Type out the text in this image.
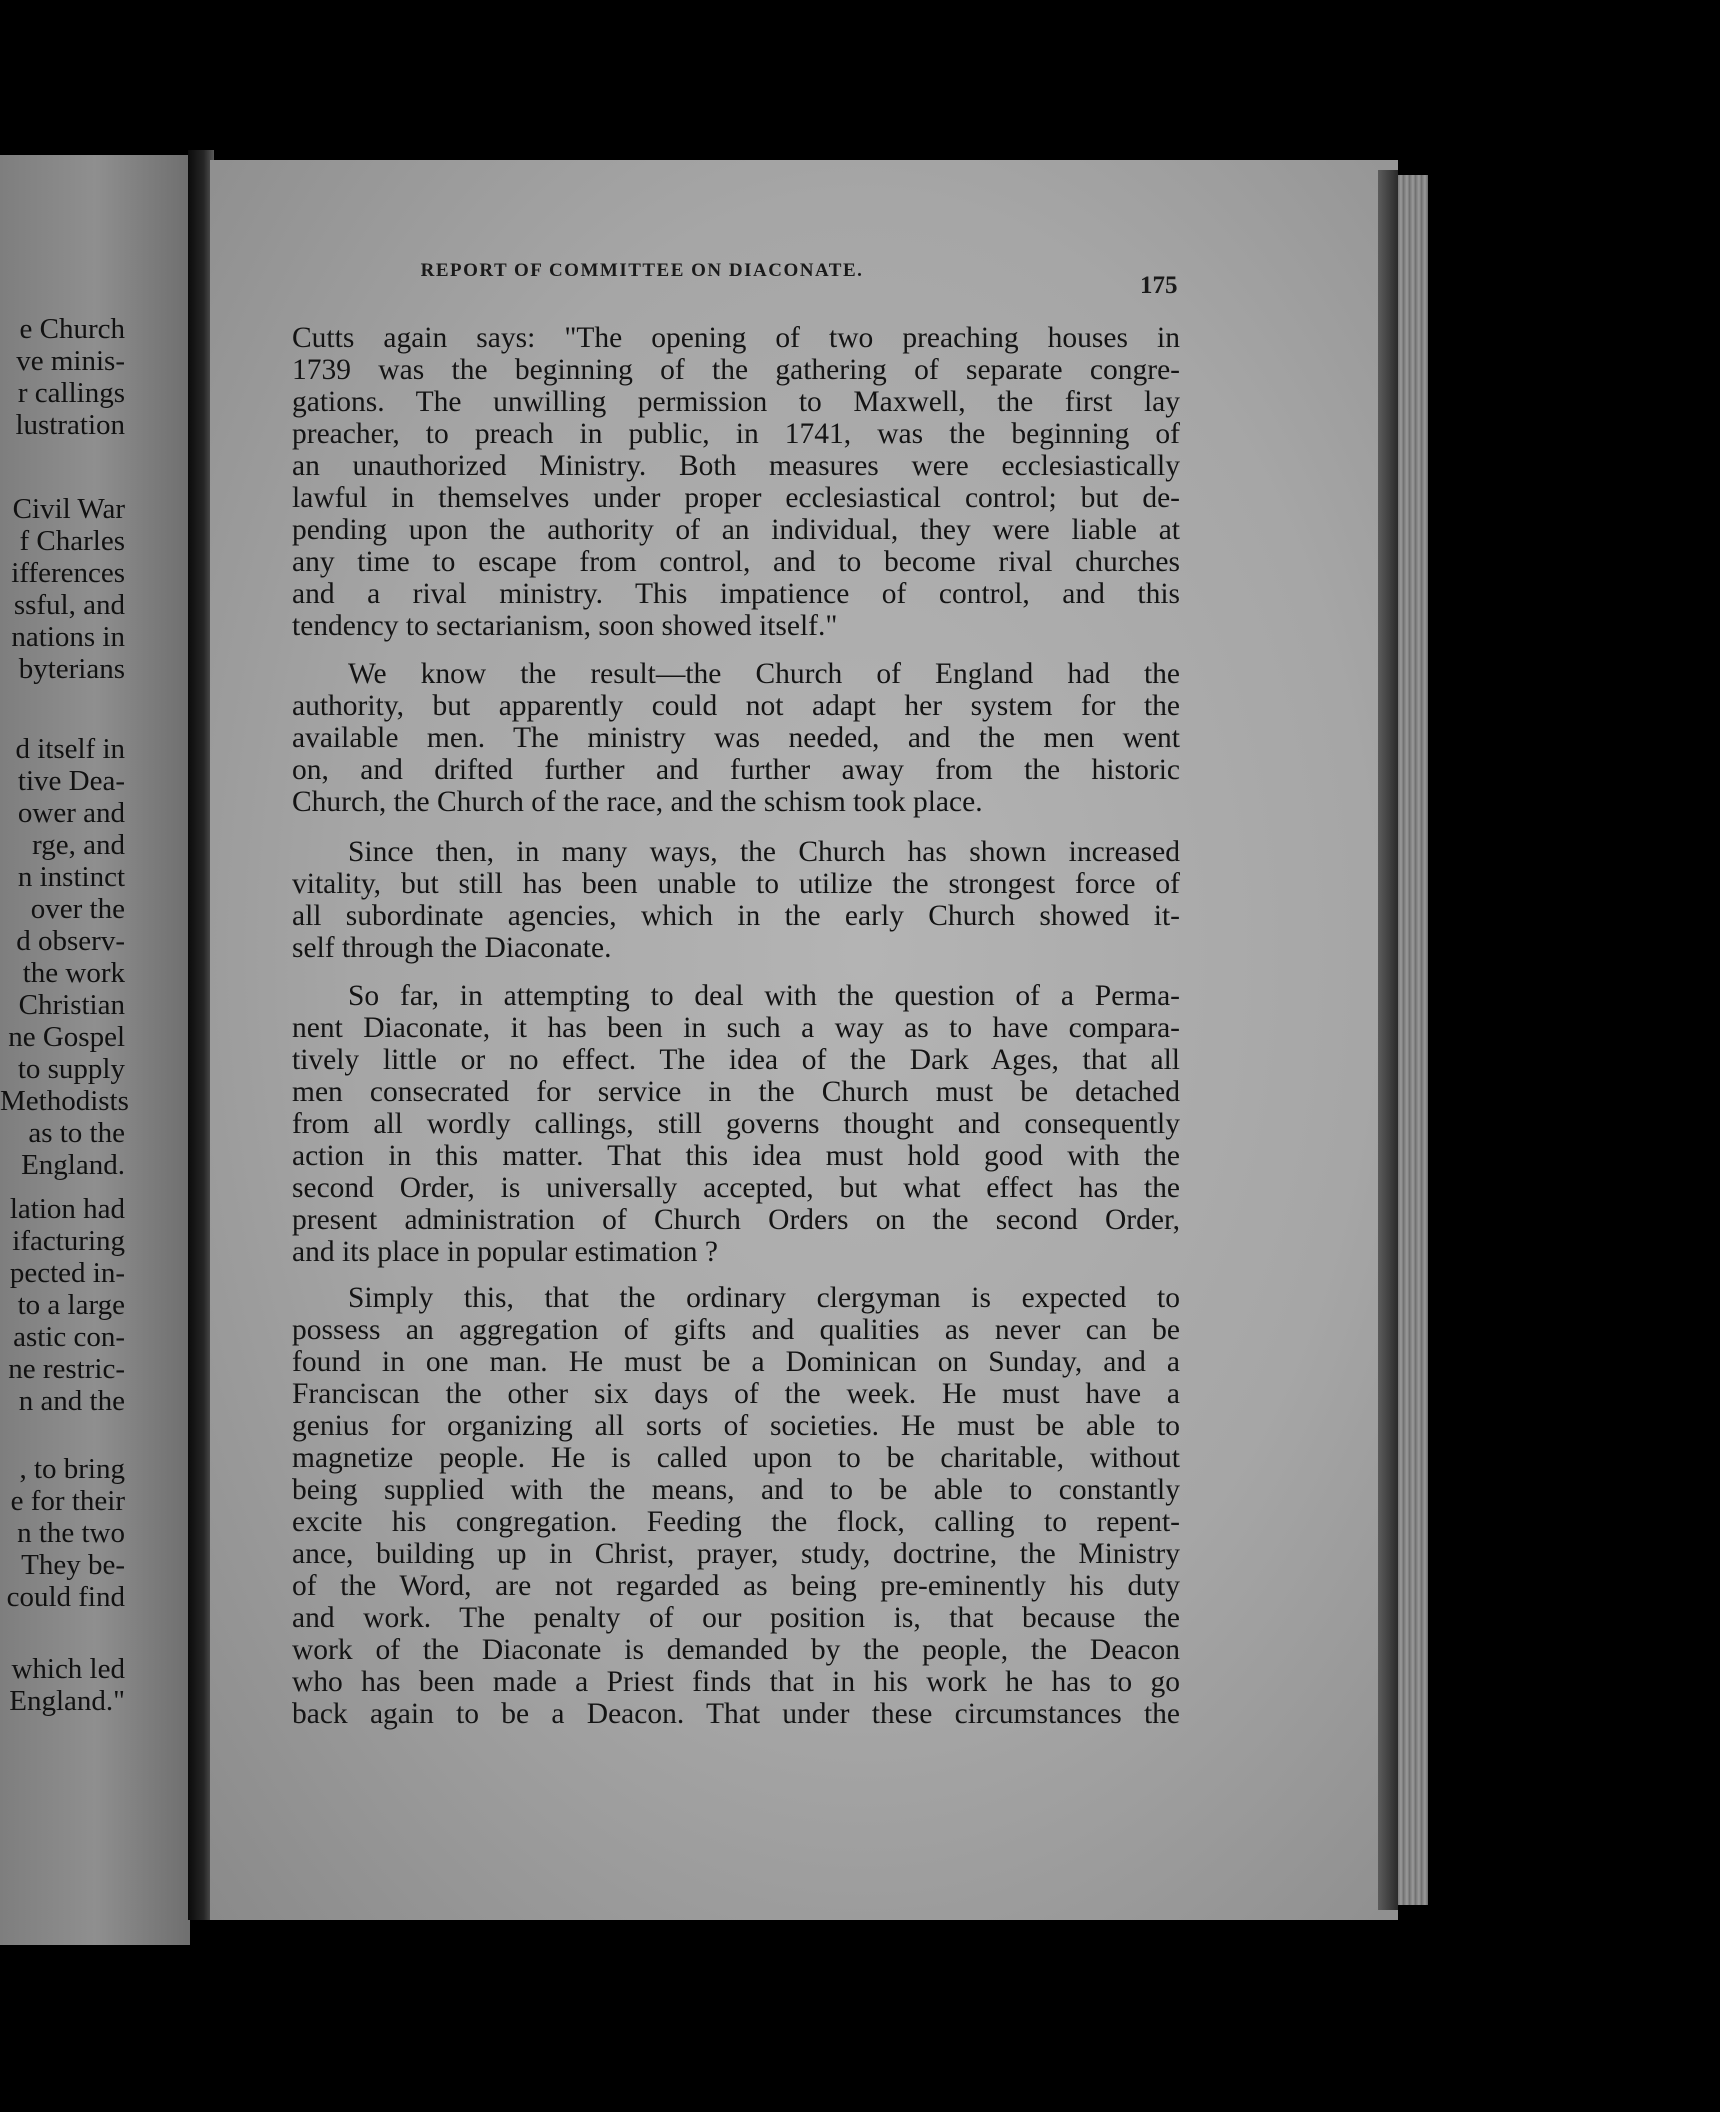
e Church
ve minis-
r callings
lustration
Civil War
f Charles
ifferences
ssful, and
nations in
byterians
d itself in
tive Dea-
ower and
rge, and
n instinct
over the
d observ-
the work
Christian
ne Gospel
to supply
Methodists
as to the
England.
lation had
ifacturing
pected in-
to a large
astic con-
ne restric-
n and the
, to bring
e for their
n the two
They be-
could find
which led
England."
REPORT OF COMMITTEE ON DIACONATE.
175
Cutts again says: "The opening of two preaching houses in
1739 was the beginning of the gathering of separate congre-
gations. The unwilling permission to Maxwell, the first lay
preacher, to preach in public, in 1741, was the beginning of
an unauthorized Ministry. Both measures were ecclesiastically
lawful in themselves under proper ecclesiastical control; but de-
pending upon the authority of an individual, they were liable at
any time to escape from control, and to become rival churches
and a rival ministry. This impatience of control, and this
tendency to sectarianism, soon showed itself."
We know the result—the Church of England had the
authority, but apparently could not adapt her system for the
available men. The ministry was needed, and the men went
on, and drifted further and further away from the historic
Church, the Church of the race, and the schism took place.
Since then, in many ways, the Church has shown increased
vitality, but still has been unable to utilize the strongest force of
all subordinate agencies, which in the early Church showed it-
self through the Diaconate.
So far, in attempting to deal with the question of a Perma-
nent Diaconate, it has been in such a way as to have compara-
tively little or no effect. The idea of the Dark Ages, that all
men consecrated for service in the Church must be detached
from all wordly callings, still governs thought and consequently
action in this matter. That this idea must hold good with the
second Order, is universally accepted, but what effect has the
present administration of Church Orders on the second Order,
and its place in popular estimation ?
Simply this, that the ordinary clergyman is expected to
possess an aggregation of gifts and qualities as never can be
found in one man. He must be a Dominican on Sunday, and a
Franciscan the other six days of the week. He must have a
genius for organizing all sorts of societies. He must be able to
magnetize people. He is called upon to be charitable, without
being supplied with the means, and to be able to constantly
excite his congregation. Feeding the flock, calling to repent-
ance, building up in Christ, prayer, study, doctrine, the Ministry
of the Word, are not regarded as being pre-eminently his duty
and work. The penalty of our position is, that because the
work of the Diaconate is demanded by the people, the Deacon
who has been made a Priest finds that in his work he has to go
back again to be a Deacon. That under these circumstances the
